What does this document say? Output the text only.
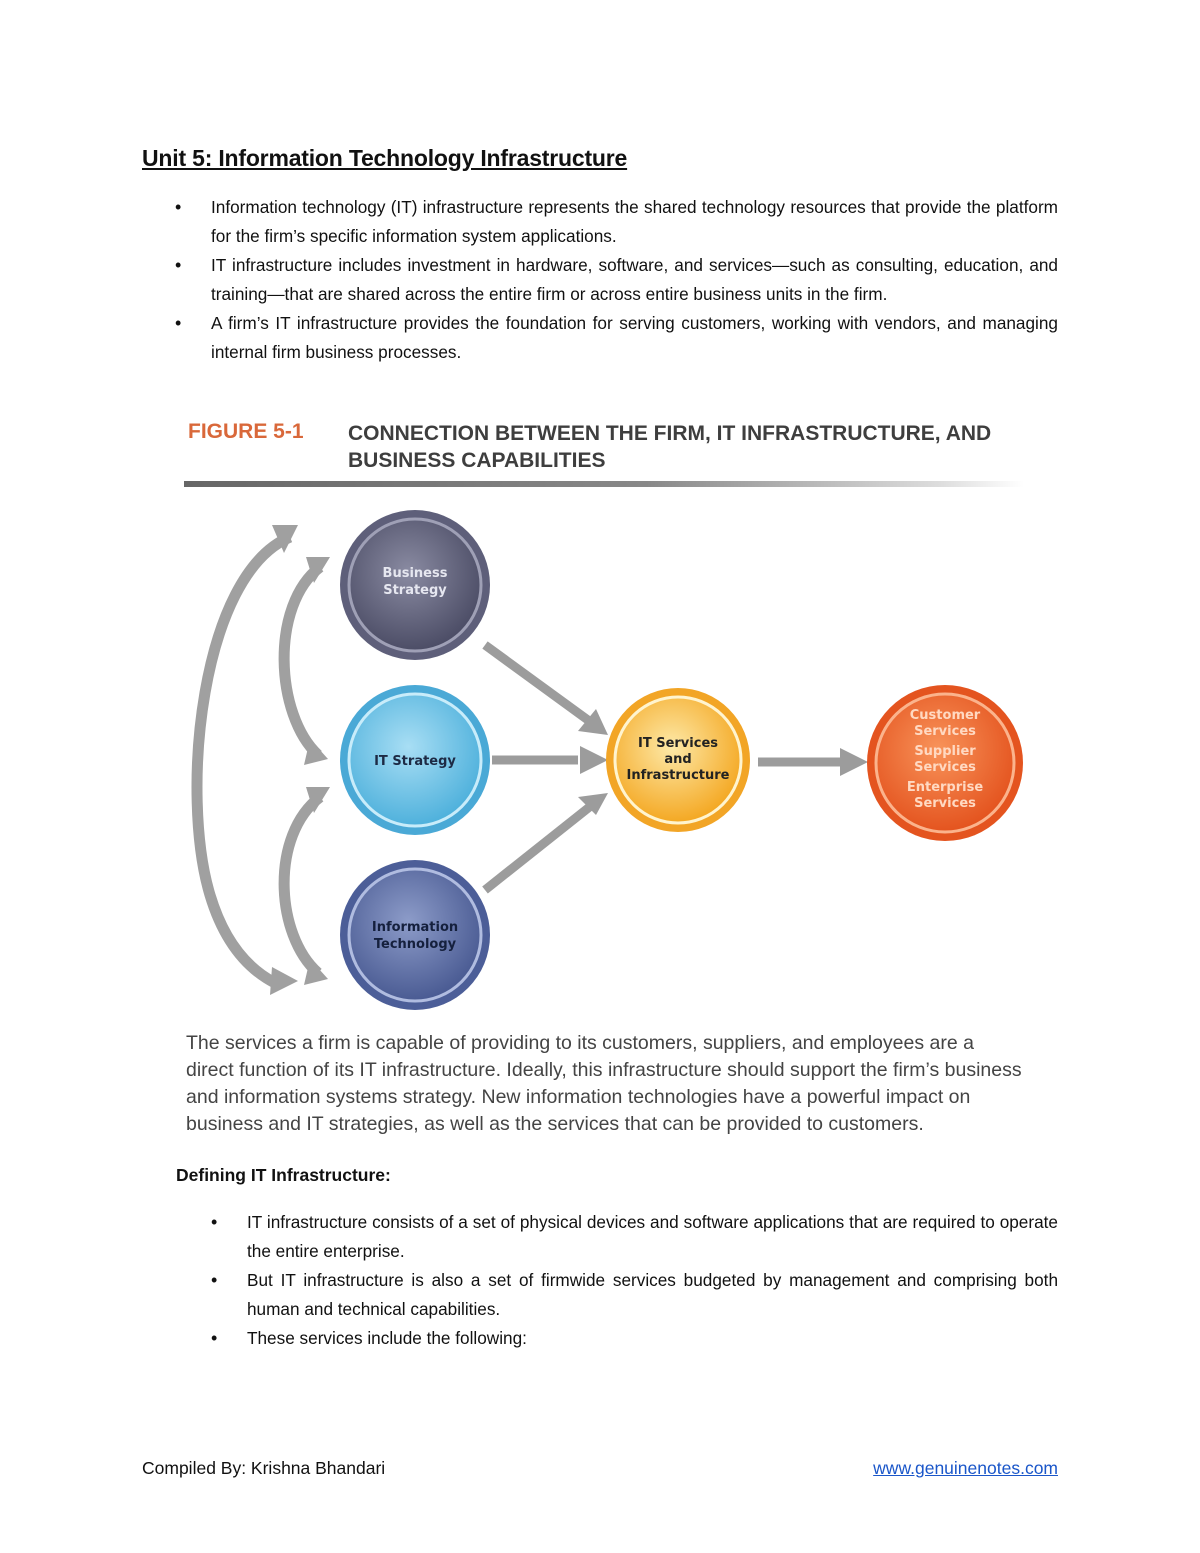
Unit 5: Information Technology Infrastructure
• Information technology (IT) infrastructure represents the shared technology resources that provide the platform for the firm’s specific information system applications.
• IT infrastructure includes investment in hardware, software, and services—such as consulting, education, and training—that are shared across the entire firm or across entire business units in the firm.
• A firm’s IT infrastructure provides the foundation for serving customers, working with vendors, and managing internal firm business processes.
FIGURE 5-1 CONNECTION BETWEEN THE FIRM, IT INFRASTRUCTURE, AND BUSINESS CAPABILITIES
Business
Strategy
IT Strategy
Information
Technology
IT Services
and
Infrastructure
Customer
Services
Supplier
Services
Enterprise
Services
The services a firm is capable of providing to its customers, suppliers, and employees are a direct function of its IT infrastructure. Ideally, this infrastructure should support the firm’s business and information systems strategy. New information technologies have a powerful impact on business and IT strategies, as well as the services that can be provided to customers.
Defining IT Infrastructure:
• IT infrastructure consists of a set of physical devices and software applications that are required to operate the entire enterprise.
• But IT infrastructure is also a set of firmwide services budgeted by management and comprising both human and technical capabilities.
• These services include the following:
Compiled By: Krishna Bhandari	www.genuinenotes.com
